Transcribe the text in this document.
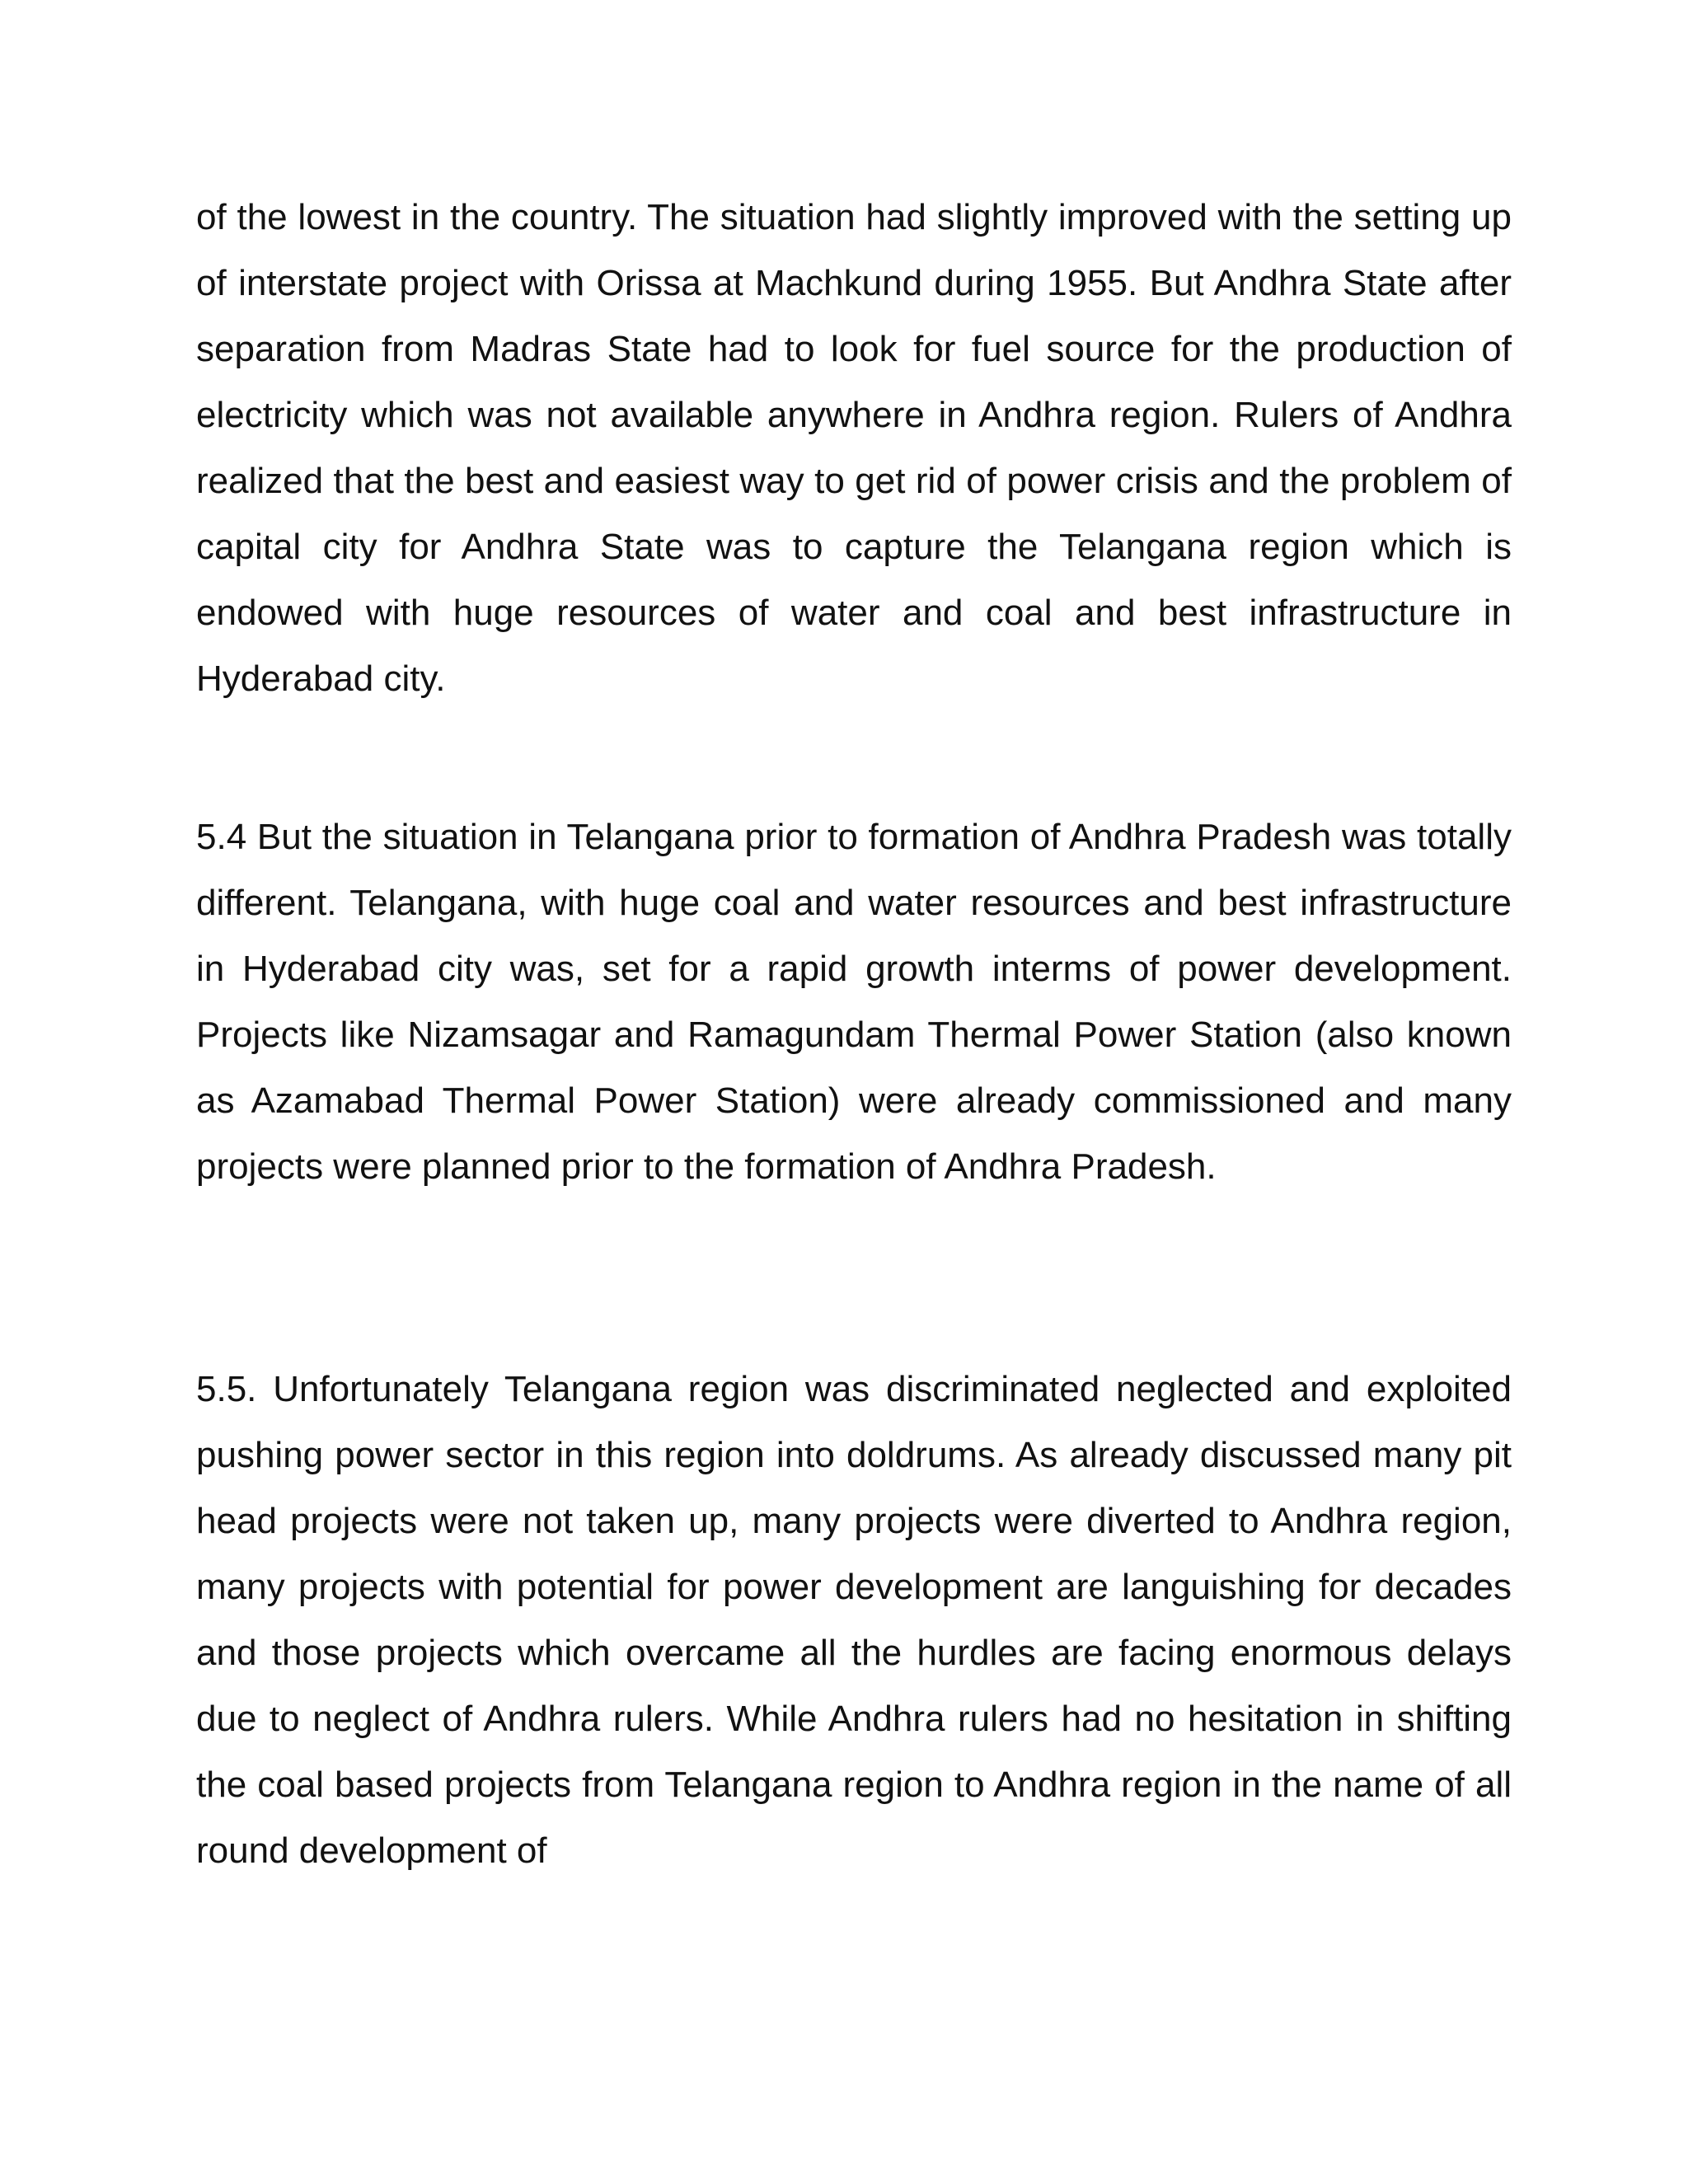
of the lowest in the country. The situation had slightly improved with the setting up of interstate project with Orissa at Machkund during 1955. But Andhra State after separation from Madras State had to look for fuel source for the production of electricity which was not available anywhere in Andhra region. Rulers of Andhra realized that the best and easiest way to get rid of power crisis and the problem of capital city for Andhra State was to capture the Telangana region which is endowed with huge resources of water and coal and best infrastructure in Hyderabad city.

5.4 But the situation in Telangana prior to formation of Andhra Pradesh was totally different. Telangana, with huge coal and water resources and best infrastructure in Hyderabad city was, set for a rapid growth interms of power development. Projects like Nizamsagar and Ramagundam Thermal Power Station (also known as Azamabad Thermal Power Station) were already commissioned and many projects were planned prior to the formation of Andhra Pradesh.

5.5. Unfortunately Telangana region was discriminated neglected and exploited pushing power sector in this region into doldrums. As already discussed many pit head projects were not taken up, many projects were diverted to Andhra region, many projects with potential for power development are languishing for decades and those projects which overcame all the hurdles are facing enormous delays due to neglect of Andhra rulers. While Andhra rulers had no hesitation in shifting the coal based projects from Telangana region to Andhra region in the name of all round development of
